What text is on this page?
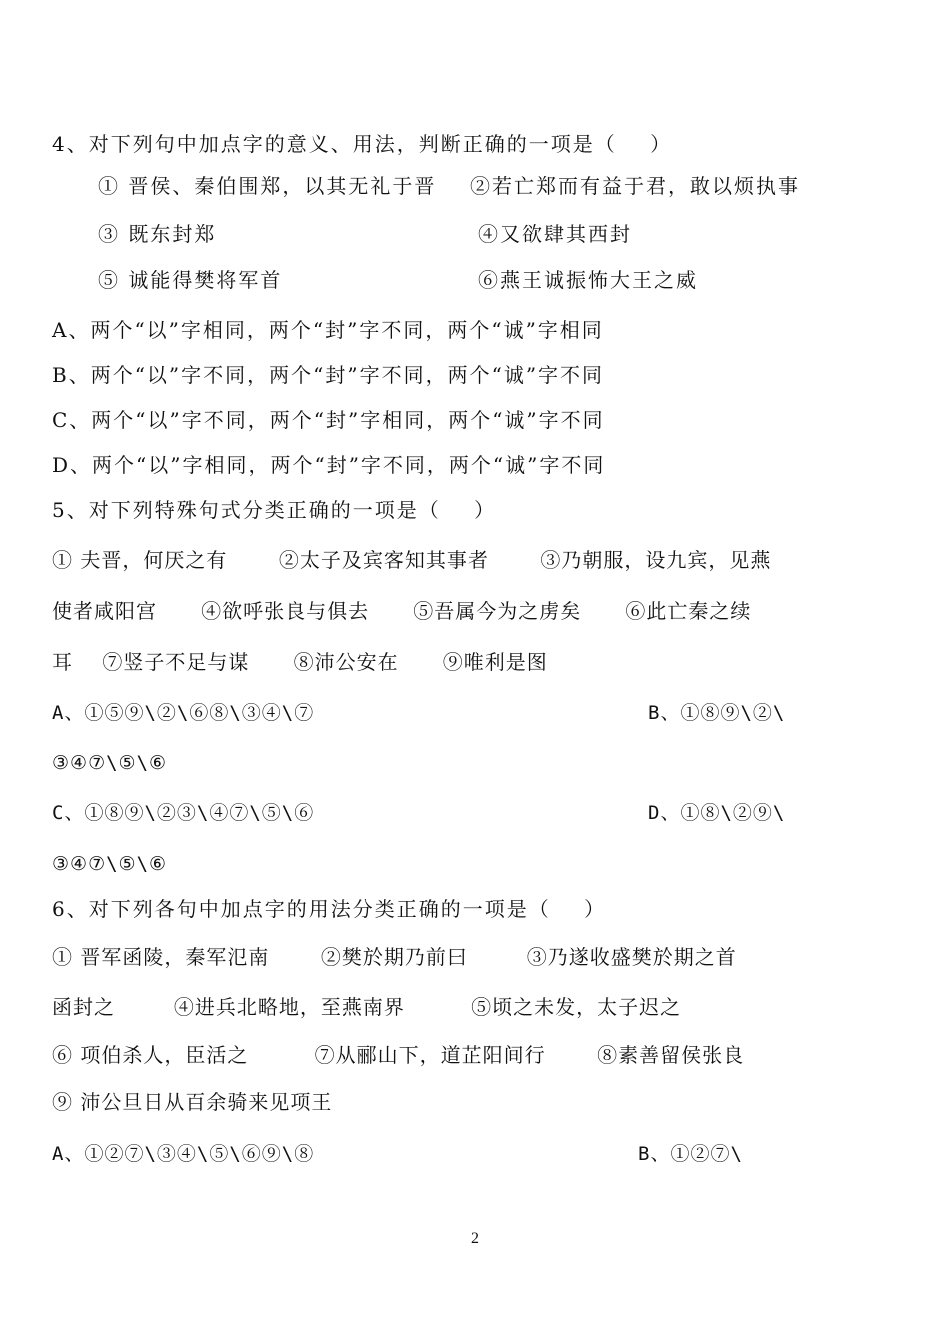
4、对下列句中加点字的意义、用法，判断正确的一项是（    ）
① 晋侯、秦伯围郑，以其无礼于晋 ②若亡郑而有益于君，敢以烦执事
③ 既东封郑	④又欲肆其西封
⑤ 诚能得樊将军首	⑥燕王诚振怖大王之威
A、两个“以”字相同，两个“封”字不同，两个“诚”字相同
B、两个“以”字不同，两个“封”字不同，两个“诚”字不同
C、两个“以”字不同，两个“封”字相同，两个“诚”字不同
D、两个“以”字相同，两个“封”字不同，两个“诚”字不同
5、对下列特殊句式分类正确的一项是（    ）
① 夫晋，何厌之有       ②太子及宾客知其事者       ③乃朝服，设九宾，见燕
使者咸阳宫      ④欲呼张良与俱去      ⑤吾属今为之虏矣      ⑥此亡秦之续
耳    ⑦竖子不足与谋      ⑧沛公安在      ⑨唯利是图
A、①⑤⑨\②\⑥⑧\③④\⑦	B、①⑧⑨\②\
③④⑦\⑤\⑥
C、①⑧⑨\②③\④⑦\⑤\⑥	D、①⑧\②⑨\
③④⑦\⑤\⑥
6、对下列各句中加点字的用法分类正确的一项是（    ）
① 晋军函陵，秦军氾南       ②樊於期乃前曰        ③乃遂收盛樊於期之首
函封之        ④进兵北略地，至燕南界         ⑤顷之未发，太子迟之
⑥ 项伯杀人，臣活之         ⑦从郦山下，道芷阳间行       ⑧素善留侯张良
⑨ 沛公旦日从百余骑来见项王
A、①②⑦\③④\⑤\⑥⑨\⑧	B、①②⑦\
2
